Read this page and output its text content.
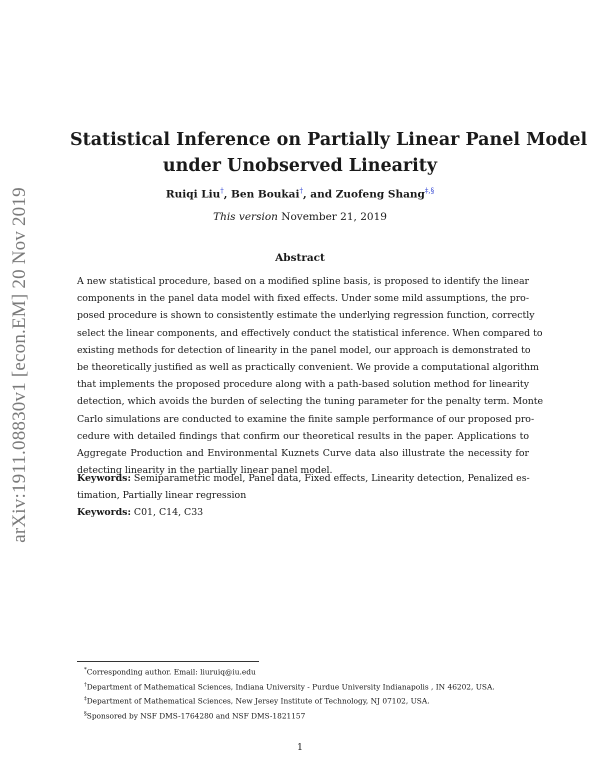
arXiv:1911.08830v1 [econ.EM] 20 Nov 2019
Statistical Inference on Partially Linear Panel Model
under Unobserved Linearity
Ruiqi Liu†, Ben Boukai†, and Zuofeng Shang‡,§
This version November 21, 2019
Abstract
A new statistical procedure, based on a modified spline basis, is proposed to identify the linear
components in the panel data model with fixed effects. Under some mild assumptions, the pro-
posed procedure is shown to consistently estimate the underlying regression function, correctly
select the linear components, and effectively conduct the statistical inference. When compared to
existing methods for detection of linearity in the panel model, our approach is demonstrated to
be theoretically justified as well as practically convenient. We provide a computational algorithm
that implements the proposed procedure along with a path-based solution method for linearity
detection, which avoids the burden of selecting the tuning parameter for the penalty term. Monte
Carlo simulations are conducted to examine the finite sample performance of our proposed pro-
cedure with detailed findings that confirm our theoretical results in the paper. Applications to
Aggregate Production and Environmental Kuznets Curve data also illustrate the necessity for
detecting linearity in the partially linear panel model.
Keywords: Semiparametric model, Panel data, Fixed effects, Linearity detection, Penalized es-
timation, Partially linear regression
Keywords: C01, C14, C33
*Corresponding author. Email: liuruiq@iu.edu
†Department of Mathematical Sciences, Indiana University - Purdue University Indianapolis , IN 46202, USA.
‡Department of Mathematical Sciences, New Jersey Institute of Technology, NJ 07102, USA.
§Sponsored by NSF DMS-1764280 and NSF DMS-1821157
1
